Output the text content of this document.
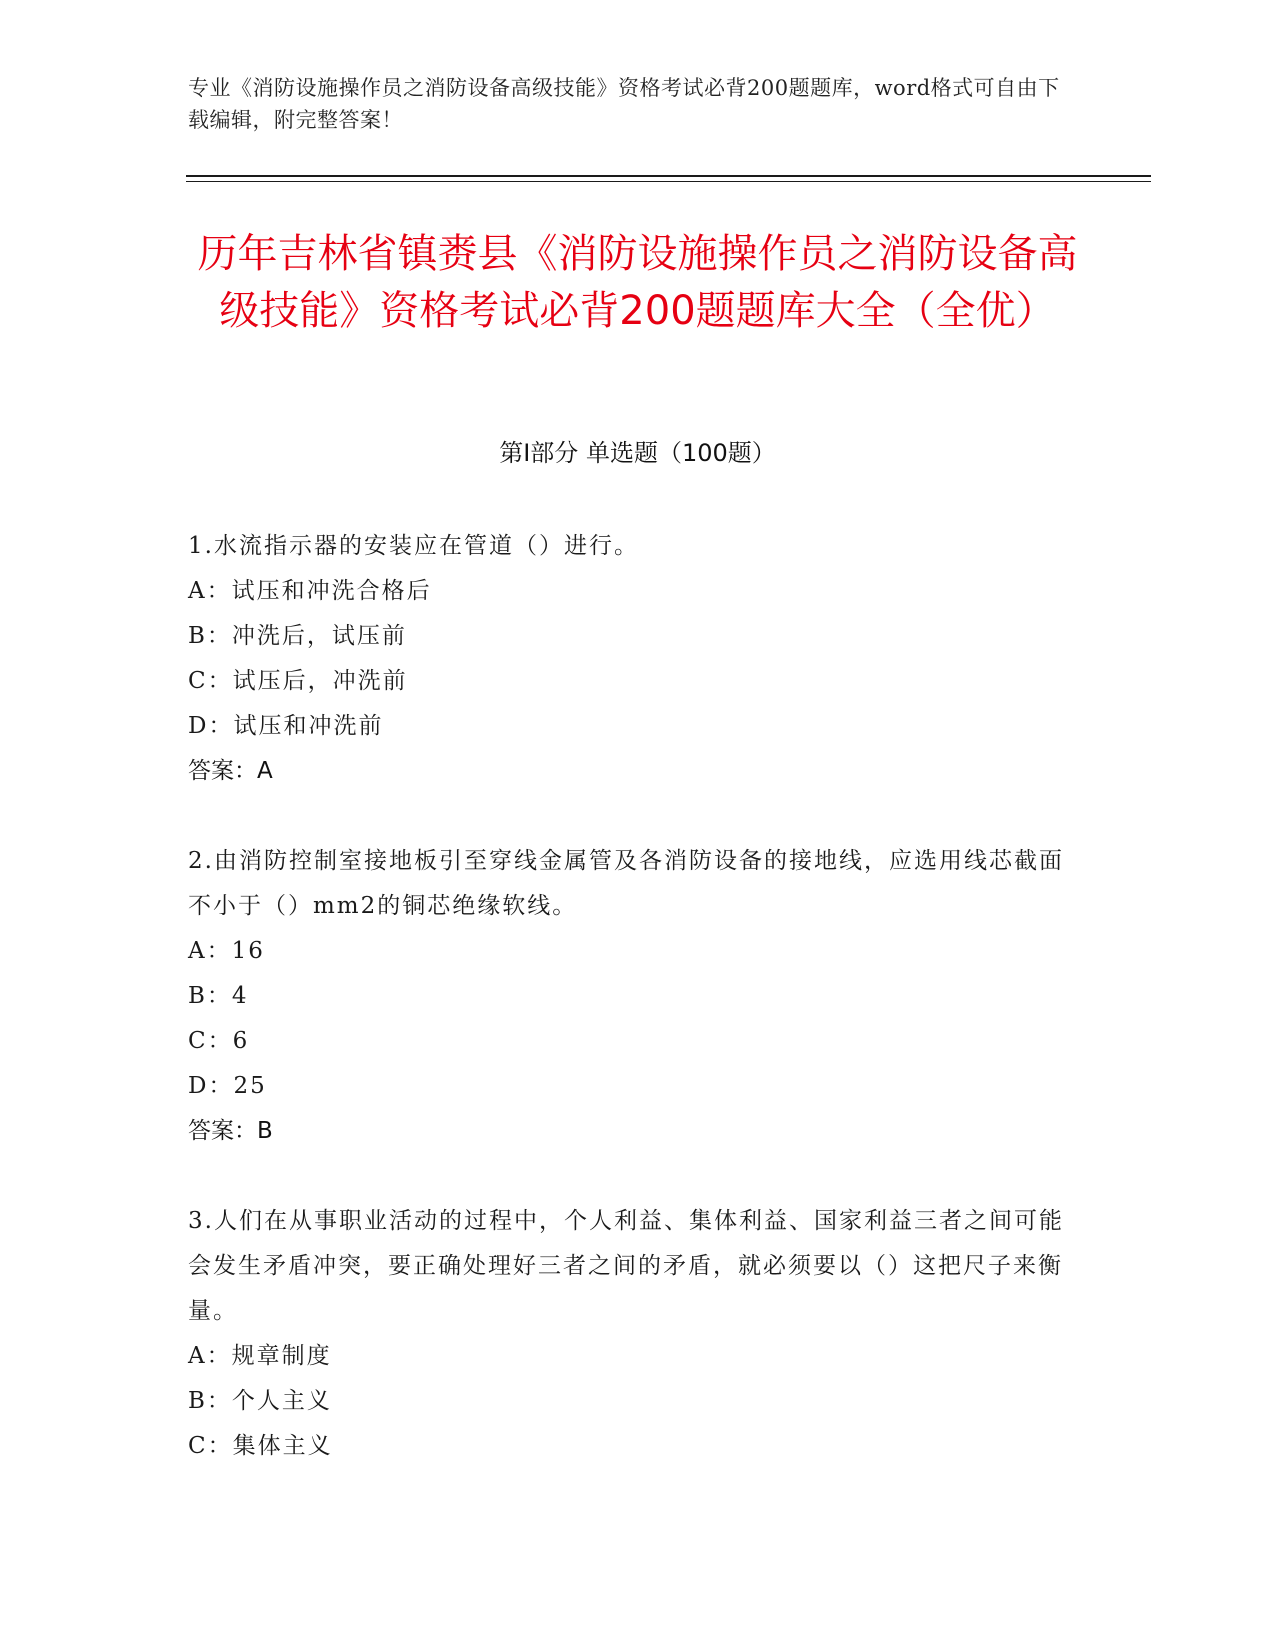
专业《消防设施操作员之消防设备高级技能》资格考试必背200题题库，word格式可自由下载编辑，附完整答案！
历年吉林省镇赉县《消防设施操作员之消防设备高级技能》资格考试必背200题题库大全（全优）
第Ⅰ部分 单选题（100题）
1.水流指示器的安装应在管道（）进行。
A：试压和冲洗合格后
B：冲洗后，试压前
C：试压后，冲洗前
D：试压和冲洗前
答案：A
2.由消防控制室接地板引至穿线金属管及各消防设备的接地线，应选用线芯截面不小于（）mm2的铜芯绝缘软线。
A：16
B：4
C：6
D：25
答案：B
3.人们在从事职业活动的过程中，个人利益、集体利益、国家利益三者之间可能会发生矛盾冲突，要正确处理好三者之间的矛盾，就必须要以（）这把尺子来衡量。
A：规章制度
B：个人主义
C：集体主义
